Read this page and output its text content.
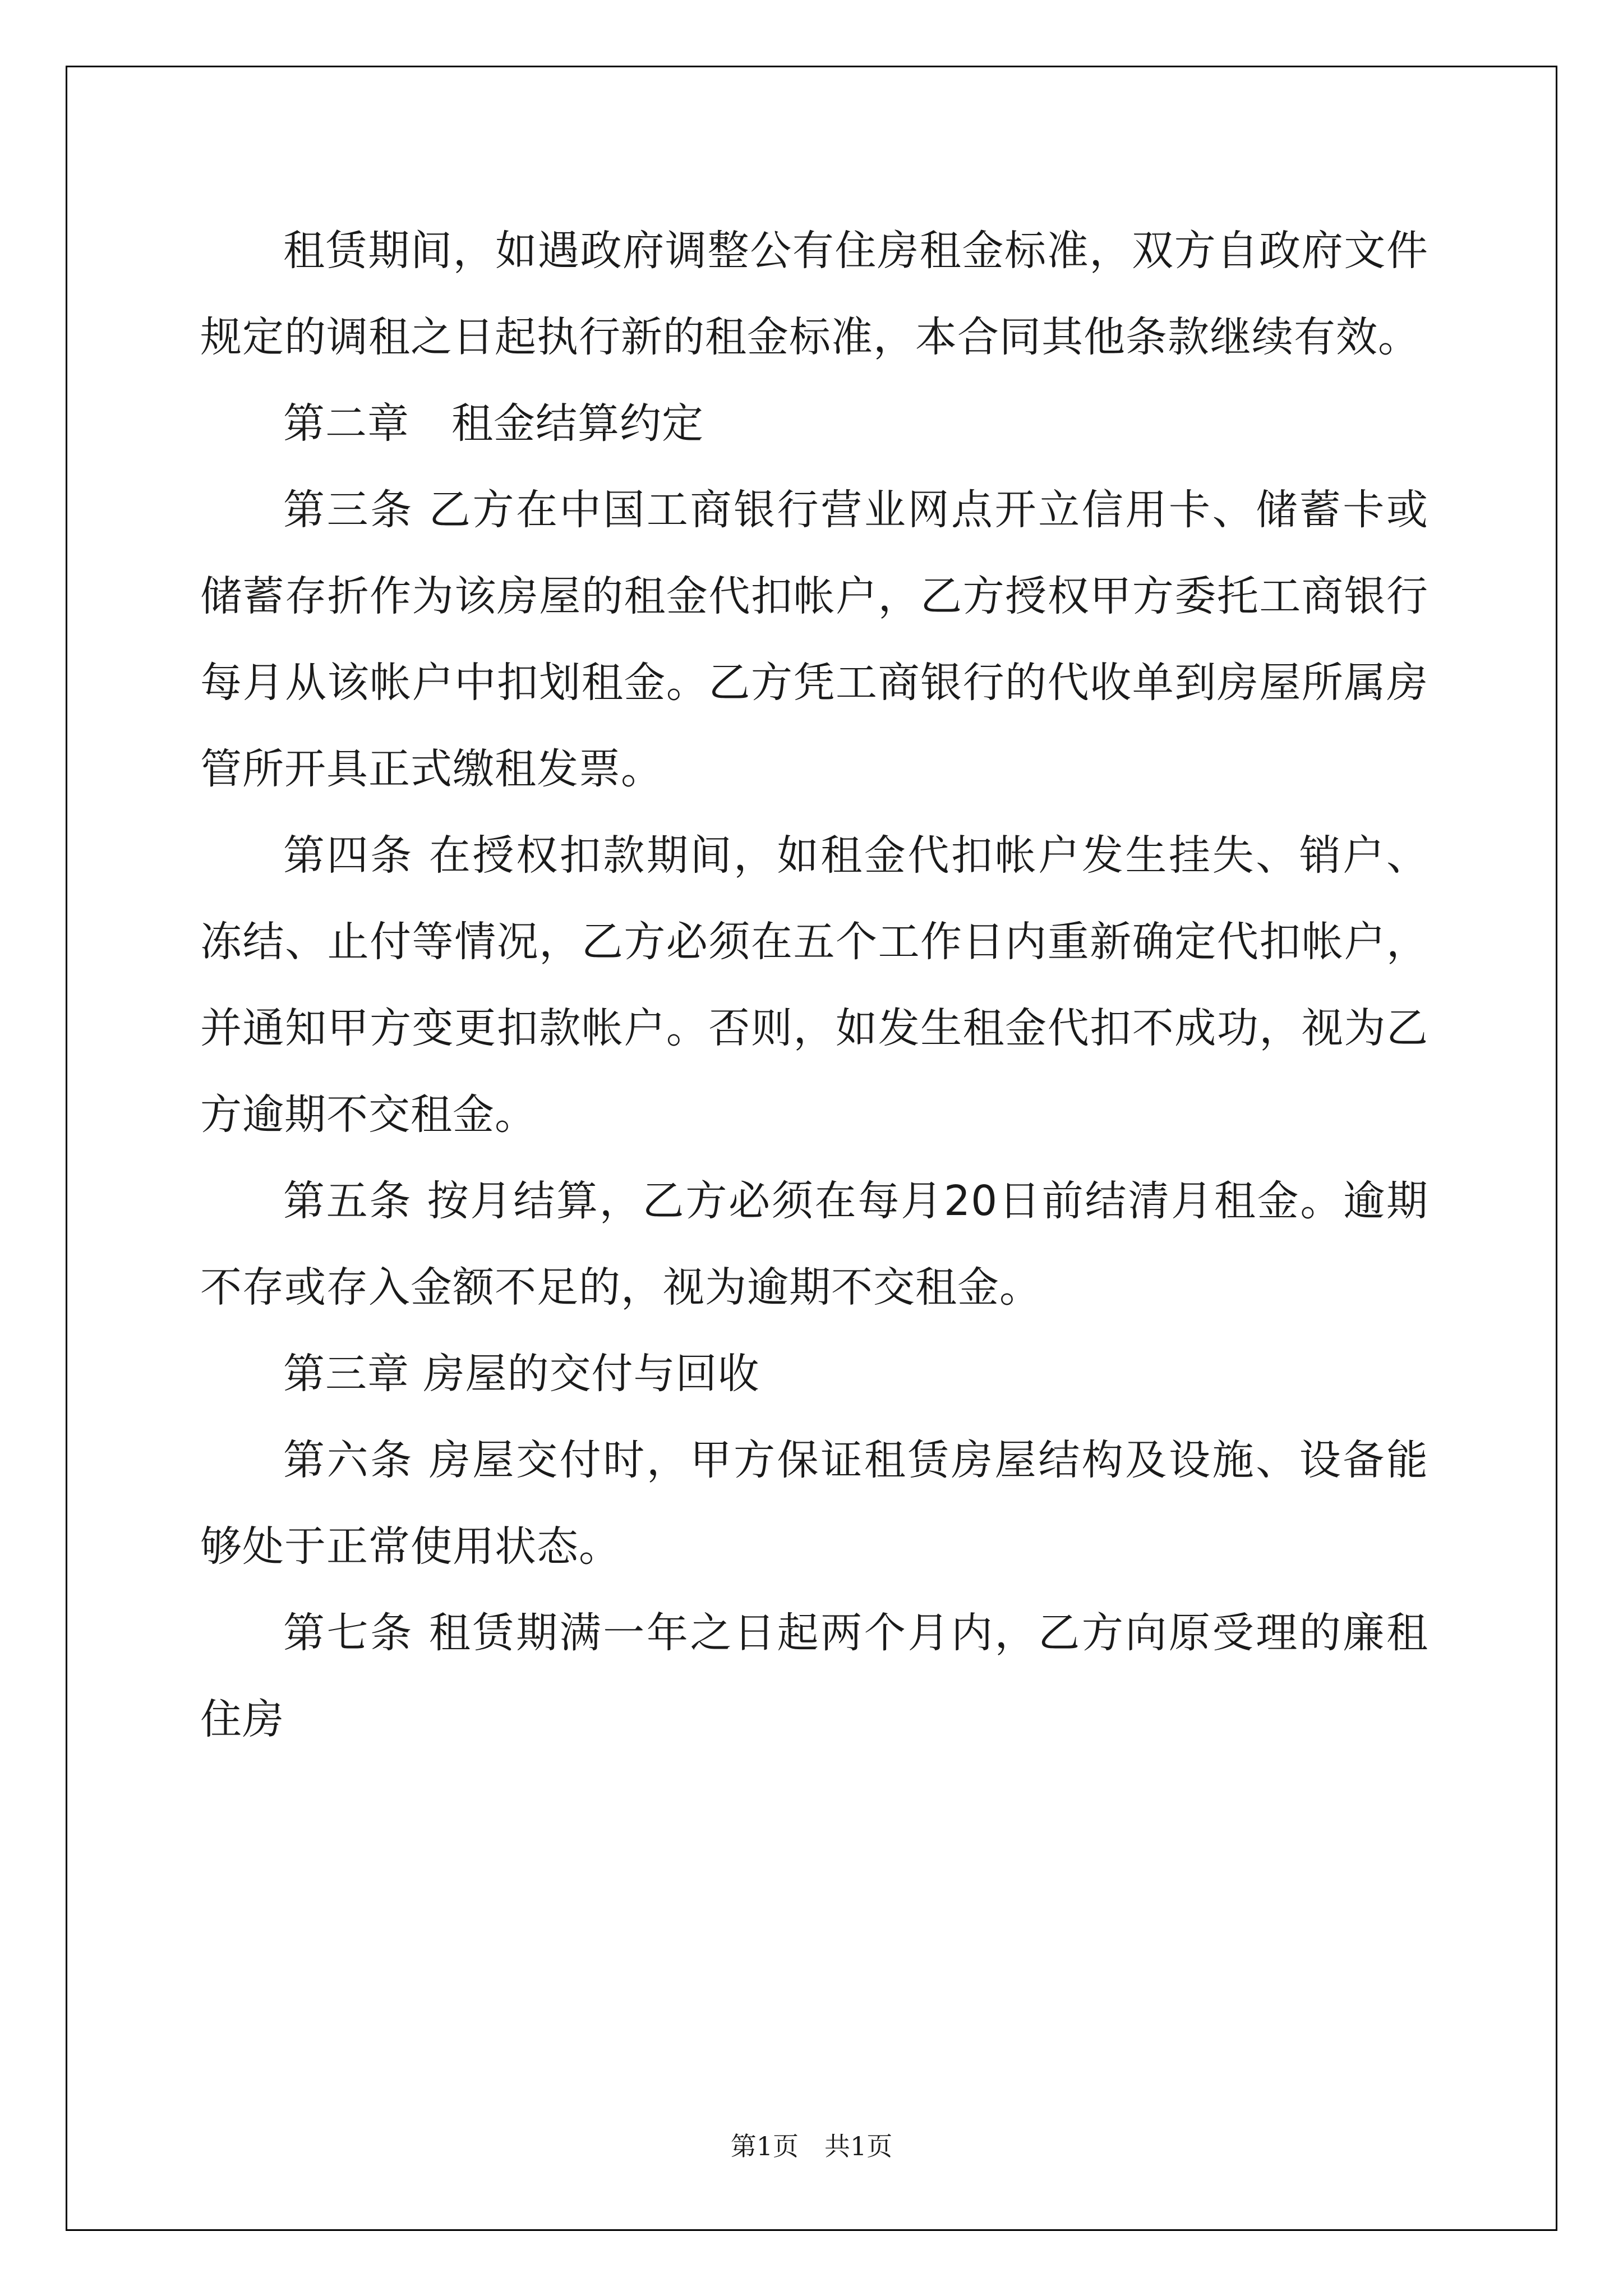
租赁期间，如遇政府调整公有住房租金标准，双方自政府文件规定的调租之日起执行新的租金标准，本合同其他条款继续有效。

第二章　租金结算约定

第三条 乙方在中国工商银行营业网点开立信用卡、储蓄卡或储蓄存折作为该房屋的租金代扣帐户，乙方授权甲方委托工商银行每月从该帐户中扣划租金。乙方凭工商银行的代收单到房屋所属房管所开具正式缴租发票。

第四条 在授权扣款期间，如租金代扣帐户发生挂失、销户、冻结、止付等情况，乙方必须在五个工作日内重新确定代扣帐户，并通知甲方变更扣款帐户。否则，如发生租金代扣不成功，视为乙方逾期不交租金。

第五条 按月结算，乙方必须在每月20日前结清月租金。逾期不存或存入金额不足的，视为逾期不交租金。

第三章 房屋的交付与回收

第六条 房屋交付时，甲方保证租赁房屋结构及设施、设备能够处于正常使用状态。

第七条 租赁期满一年之日起两个月内，乙方向原受理的廉租住房

第1页　共1页
